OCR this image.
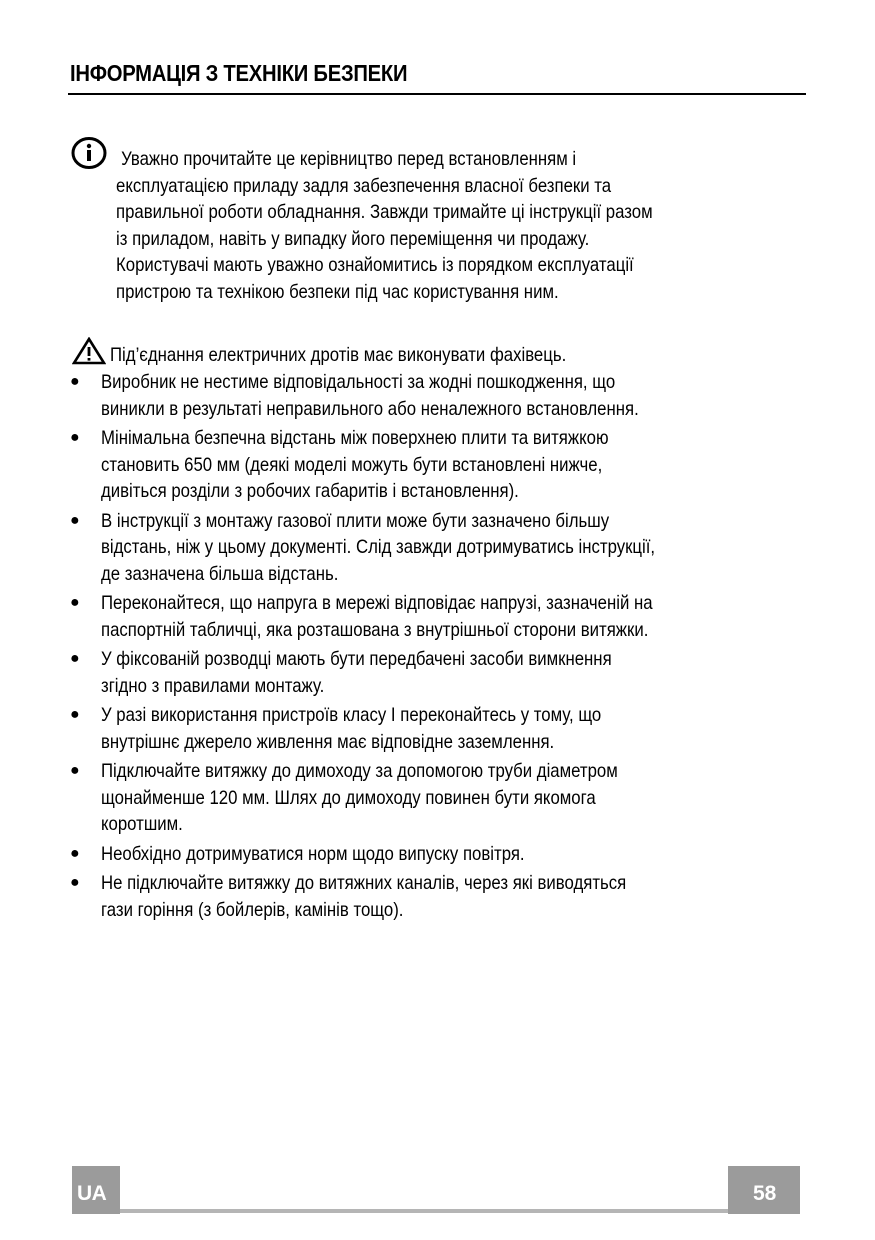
ІНФОРМАЦІЯ З ТЕХНІКИ БЕЗПЕКИ

Уважно прочитайте це керівництво перед встановленням і
експлуатацією приладу задля забезпечення власної безпеки та
правильної роботи обладнання. Завжди тримайте ці інструкції разом
із приладом, навіть у випадку його переміщення чи продажу.
Користувачі мають уважно ознайомитись із порядком експлуатації
пристрою та технікою безпеки під час користування ним.

Під’єднання електричних дротів має виконувати фахівець.

● Виробник не нестиме відповідальності за жодні пошкодження, що
виникли в результаті неправильного або неналежного встановлення.
● Мінімальна безпечна відстань між поверхнею плити та витяжкою
становить 650 мм (деякі моделі можуть бути встановлені нижче,
дивіться розділи з робочих габаритів і встановлення).
● В інструкції з монтажу газової плити може бути зазначено більшу
відстань, ніж у цьому документі. Слід завжди дотримуватись інструкції,
де зазначена більша відстань.
● Переконайтеся, що напруга в мережі відповідає напрузі, зазначеній на
паспортній табличці, яка розташована з внутрішньої сторони витяжки.
● У фіксованій розводці мають бути передбачені засоби вимкнення
згідно з правилами монтажу.
● У разі використання пристроїв класу I переконайтесь у тому, що
внутрішнє джерело живлення має відповідне заземлення.
● Підключайте витяжку до димоходу за допомогою труби діаметром
щонайменше 120 мм. Шлях до димоходу повинен бути якомога
коротшим.
● Необхідно дотримуватися норм щодо випуску повітря.
● Не підключайте витяжку до витяжних каналів, через які виводяться
гази горіння (з бойлерів, камінів тощо).
UA	58
